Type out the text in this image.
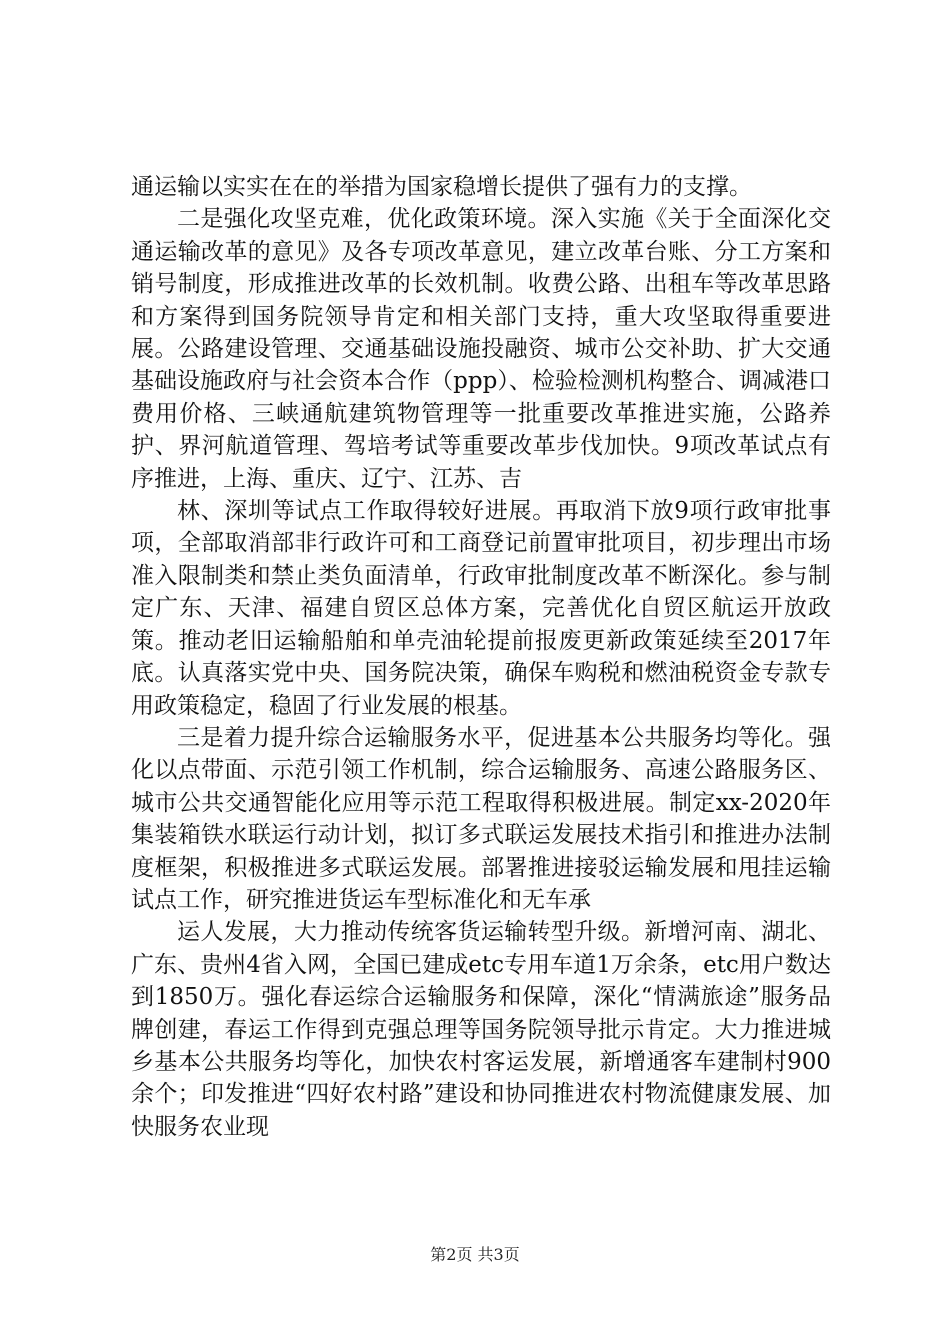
通运输以实实在在的举措为国家稳增长提供了强有力的支撑。

二是强化攻坚克难，优化政策环境。深入实施《关于全面深化交通运输改革的意见》及各专项改革意见，建立改革台账、分工方案和销号制度，形成推进改革的长效机制。收费公路、出租车等改革思路和方案得到国务院领导肯定和相关部门支持，重大攻坚取得重要进展。公路建设管理、交通基础设施投融资、城市公交补助、扩大交通基础设施政府与社会资本合作（ppp）、检验检测机构整合、调减港口费用价格、三峡通航建筑物管理等一批重要改革推进实施，公路养护、界河航道管理、驾培考试等重要改革步伐加快。9项改革试点有序推进，上海、重庆、辽宁、江苏、吉

林、深圳等试点工作取得较好进展。再取消下放9项行政审批事项，全部取消部非行政许可和工商登记前置审批项目，初步理出市场准入限制类和禁止类负面清单，行政审批制度改革不断深化。参与制定广东、天津、福建自贸区总体方案，完善优化自贸区航运开放政策。推动老旧运输船舶和单壳油轮提前报废更新政策延续至2017年底。认真落实党中央、国务院决策，确保车购税和燃油税资金专款专用政策稳定，稳固了行业发展的根基。

三是着力提升综合运输服务水平，促进基本公共服务均等化。强化以点带面、示范引领工作机制，综合运输服务、高速公路服务区、城市公共交通智能化应用等示范工程取得积极进展。制定xx-2020年集装箱铁水联运行动计划，拟订多式联运发展技术指引和推进办法制度框架，积极推进多式联运发展。部署推进接驳运输发展和甩挂运输试点工作，研究推进货运车型标准化和无车承

运人发展，大力推动传统客货运输转型升级。新增河南、湖北、广东、贵州4省入网，全国已建成etc专用车道1万余条，etc用户数达到1850万。强化春运综合运输服务和保障，深化“情满旅途”服务品牌创建，春运工作得到克强总理等国务院领导批示肯定。大力推进城乡基本公共服务均等化，加快农村客运发展，新增通客车建制村900余个；印发推进“四好农村路”建设和协同推进农村物流健康发展、加快服务农业现

第2页 共3页
